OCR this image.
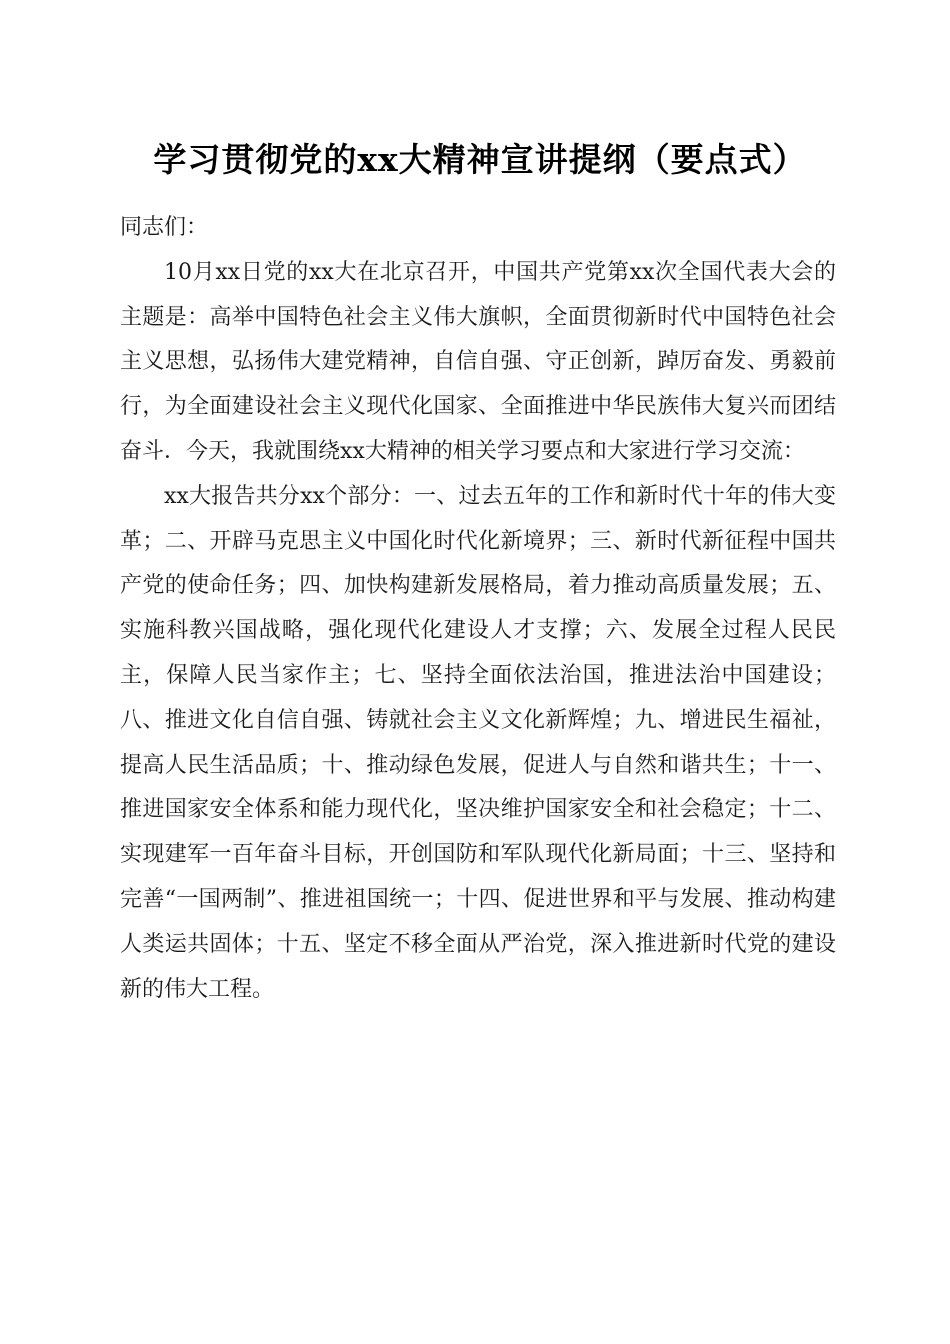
学习贯彻党的xx大精神宣讲提纲（要点式）

同志们：

10月xx日党的xx大在北京召开，中国共产党第xx次全国代表大会的主题是：高举中国特色社会主义伟大旗帜，全面贯彻新时代中国特色社会主义思想，弘扬伟大建党精神，自信自强、守正创新，踔厉奋发、勇毅前行，为全面建设社会主义现代化国家、全面推进中华民族伟大复兴而团结奋斗．今天，我就围绕xx大精神的相关学习要点和大家进行学习交流：

xx大报告共分xx个部分：一、过去五年的工作和新时代十年的伟大变革；二、开辟马克思主义中国化时代化新境界；三、新时代新征程中国共产党的使命任务；四、加快构建新发展格局，着力推动高质量发展；五、实施科教兴国战略，强化现代化建设人才支撑；六、发展全过程人民民主，保障人民当家作主；七、坚持全面依法治国，推进法治中国建设；八、推进文化自信自强、铸就社会主义文化新辉煌；九、增进民生福祉，提高人民生活品质；十、推动绿色发展，促进人与自然和谐共生；十一、推进国家安全体系和能力现代化，坚决维护国家安全和社会稳定；十二、实现建军一百年奋斗目标，开创国防和军队现代化新局面；十三、坚持和完善“一国两制”、推进祖国统一；十四、促进世界和平与发展、推动构建人类运共固体；十五、坚定不移全面从严治党，深入推进新时代党的建设新的伟大工程。
